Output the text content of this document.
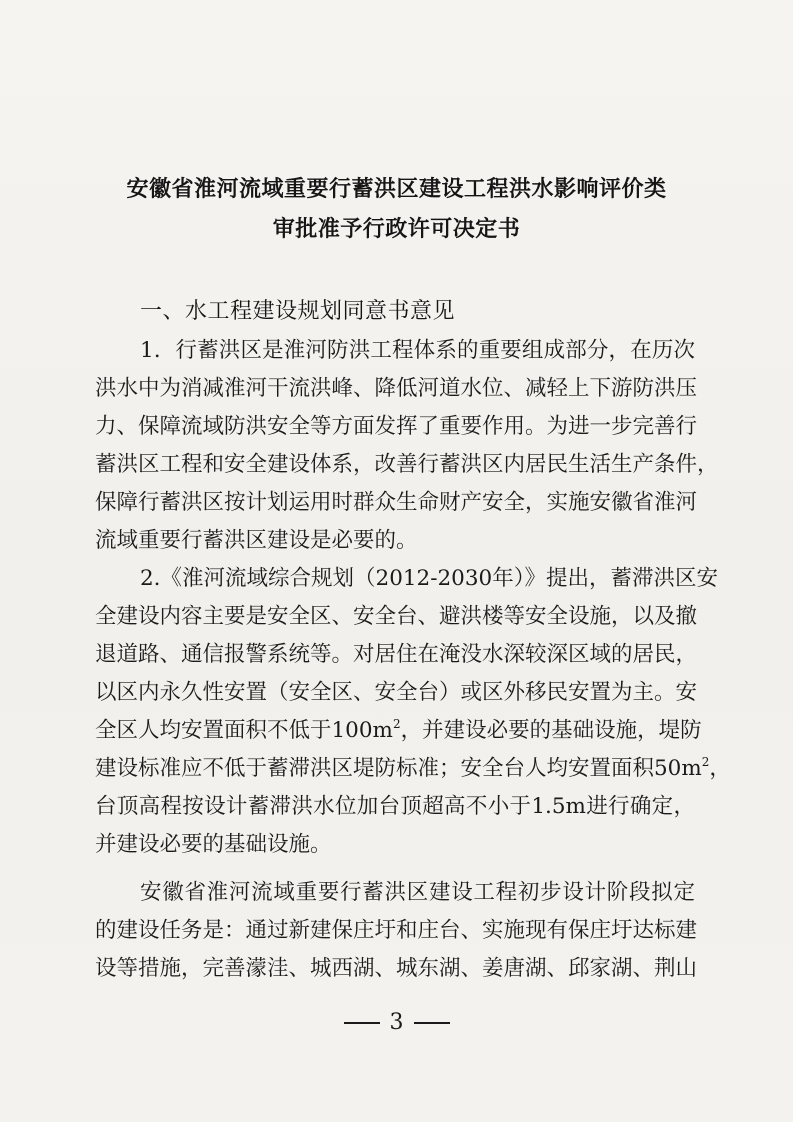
安徽省淮河流域重要行蓄洪区建设工程洪水影响评价类
审批准予行政许可决定书
一、水工程建设规划同意书意见
1．行蓄洪区是淮河防洪工程体系的重要组成部分，在历次
洪水中为消减淮河干流洪峰、降低河道水位、减轻上下游防洪压
力、保障流域防洪安全等方面发挥了重要作用。为进一步完善行
蓄洪区工程和安全建设体系，改善行蓄洪区内居民生活生产条件，
保障行蓄洪区按计划运用时群众生命财产安全，实施安徽省淮河
流域重要行蓄洪区建设是必要的。
2.《淮河流域综合规划（2012-2030年）》提出，蓄滞洪区安
全建设内容主要是安全区、安全台、避洪楼等安全设施，以及撤
退道路、通信报警系统等。对居住在淹没水深较深区域的居民，
以区内永久性安置（安全区、安全台）或区外移民安置为主。安
全区人均安置面积不低于$100m^2$，并建设必要的基础设施，堤防
建设标准应不低于蓄滞洪区堤防标准；安全台人均安置面积$50m^2$，
台顶高程按设计蓄滞洪水位加台顶超高不小于1.5m进行确定，
并建设必要的基础设施。
安徽省淮河流域重要行蓄洪区建设工程初步设计阶段拟定
的建设任务是：通过新建保庄圩和庄台、实施现有保庄圩达标建
设等措施，完善濛洼、城西湖、城东湖、姜唐湖、邱家湖、荆山
3
